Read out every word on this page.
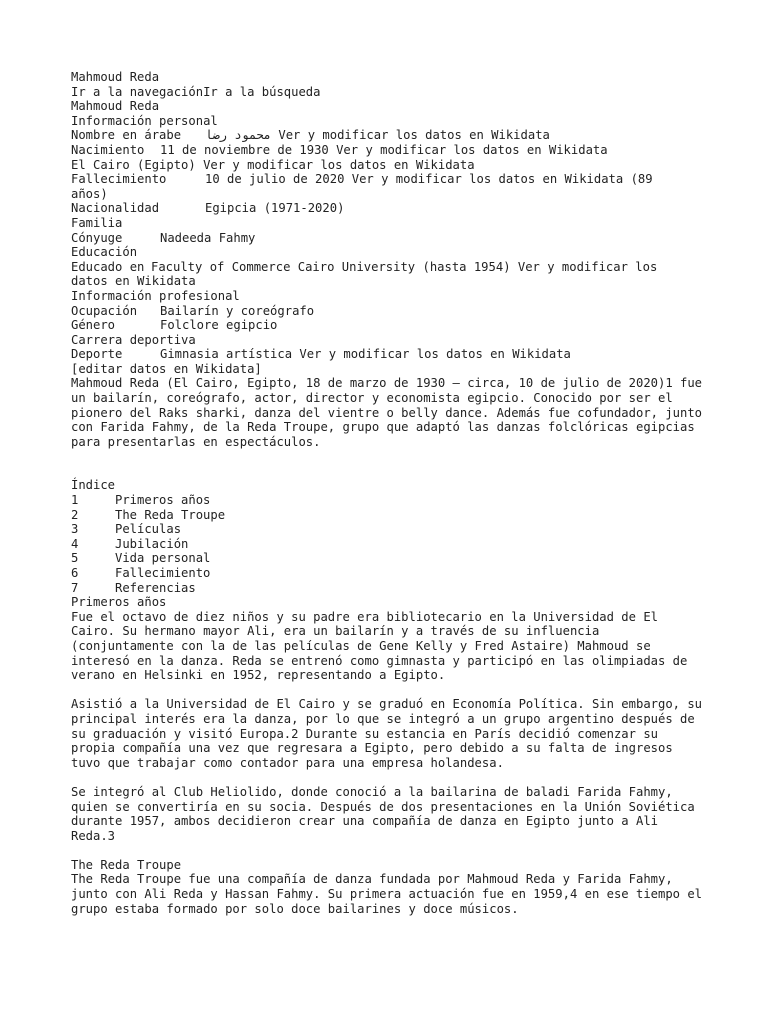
Mahmoud Reda
Ir a la navegaciónIr a la búsqueda
Mahmoud Reda
Información personal
Nombre en árabe	محمود رضا Ver y modificar los datos en Wikidata
Nacimiento	11 de noviembre de 1930 Ver y modificar los datos en Wikidata
El Cairo (Egipto) Ver y modificar los datos en Wikidata
Fallecimiento	10 de julio de 2020 Ver y modificar los datos en Wikidata (89
años)
Nacionalidad	Egipcia (1971-2020)
Familia
Cónyuge	Nadeeda Fahmy
Educación
Educado en Faculty of Commerce Cairo University (hasta 1954) Ver y modificar los
datos en Wikidata
Información profesional
Ocupación	Bailarín y coreógrafo
Género	Folclore egipcio
Carrera deportiva
Deporte	Gimnasia artística Ver y modificar los datos en Wikidata
[editar datos en Wikidata]

Mahmoud Reda (El Cairo, Egipto, 18 de marzo de 1930 – circa, 10 de julio de 2020)1 fue un bailarín, coreógrafo, actor, director y economista egipcio. Conocido por ser el pionero del Raks sharki, danza del vientre o belly dance. Además fue cofundador, junto con Farida Fahmy, de la Reda Troupe, grupo que adaptó las danzas folclóricas egipcias para presentarlas en espectáculos.

Índice
1	Primeros años
2	The Reda Troupe
3	Películas
4	Jubilación
5	Vida personal
6	Fallecimiento
7	Referencias
Primeros años

Fue el octavo de diez niños y su padre era bibliotecario en la Universidad de El Cairo. Su hermano mayor Ali, era un bailarín y a través de su influencia (conjuntamente con la de las películas de Gene Kelly y Fred Astaire) Mahmoud se interesó en la danza. Reda se entrenó como gimnasta y participó en las olimpiadas de verano en Helsinki en 1952, representando a Egipto.

Asistió a la Universidad de El Cairo y se graduó en Economía Política. Sin embargo, su principal interés era la danza, por lo que se integró a un grupo argentino después de su graduación y visitó Europa.2 Durante su estancia en París decidió comenzar su propia compañía una vez que regresara a Egipto, pero debido a su falta de ingresos tuvo que trabajar como contador para una empresa holandesa.

Se integró al Club Heliolido, donde conoció a la bailarina de baladi Farida Fahmy, quien se convertiría en su socia. Después de dos presentaciones en la Unión Soviética durante 1957, ambos decidieron crear una compañía de danza en Egipto junto a Ali Reda.3

The Reda Troupe

The Reda Troupe fue una compañía de danza fundada por Mahmoud Reda y Farida Fahmy, junto con Ali Reda y Hassan Fahmy. Su primera actuación fue en 1959,4 en ese tiempo el grupo estaba formado por solo doce bailarines y doce músicos.
